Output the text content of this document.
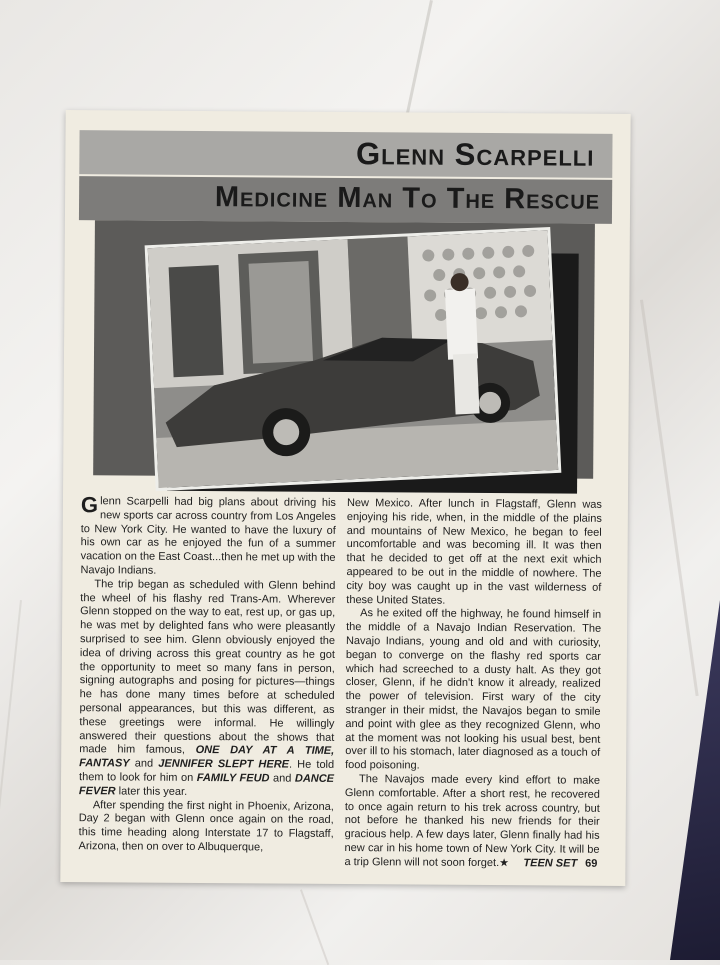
Glenn Scarpelli
Medicine Man To The Rescue

Glenn Scarpelli had big plans about driving his new sports car across country from Los Angeles to New York City. He wanted to have the luxury of his own car as he enjoyed the fun of a summer vacation on the East Coast...then he met up with the Navajo Indians.

The trip began as scheduled with Glenn behind the wheel of his flashy red Trans-Am. Wherever Glenn stopped on the way to eat, rest up, or gas up, he was met by delighted fans who were pleasantly surprised to see him. Glenn obviously enjoyed the idea of driving across this great country as he got the opportunity to meet so many fans in person, signing autographs and posing for pictures—things he has done many times before at scheduled personal appearances, but this was different, as these greetings were informal. He willingly answered their questions about the shows that made him famous, ONE DAY AT A TIME, FANTASY and JENNIFER SLEPT HERE. He told them to look for him on FAMILY FEUD and DANCE FEVER later this year.

After spending the first night in Phoenix, Arizona, Day 2 began with Glenn once again on the road, this time heading along Interstate 17 to Flagstaff, Arizona, then on over to Albuquerque,

New Mexico. After lunch in Flagstaff, Glenn was enjoying his ride, when, in the middle of the plains and mountains of New Mexico, he began to feel uncomfortable and was becoming ill. It was then that he decided to get off at the next exit which appeared to be out in the middle of nowhere. The city boy was caught up in the vast wilderness of these United States.

As he exited off the highway, he found himself in the middle of a Navajo Indian Reservation. The Navajo Indians, young and old and with curiosity, began to converge on the flashy red sports car which had screeched to a dusty halt. As they got closer, Glenn, if he didn't know it already, realized the power of television. First wary of the city stranger in their midst, the Navajos began to smile and point with glee as they recognized Glenn, who at the moment was not looking his usual best, bent over ill to his stomach, later diagnosed as a touch of food poisoning.

The Navajos made every kind effort to make Glenn comfortable. After a short rest, he recovered to once again return to his trek across country, but not before he thanked his new friends for their gracious help. A few days later, Glenn finally had his new car in his home town of New York City. It will be a trip Glenn will not soon forget.★	TEEN SET 69
